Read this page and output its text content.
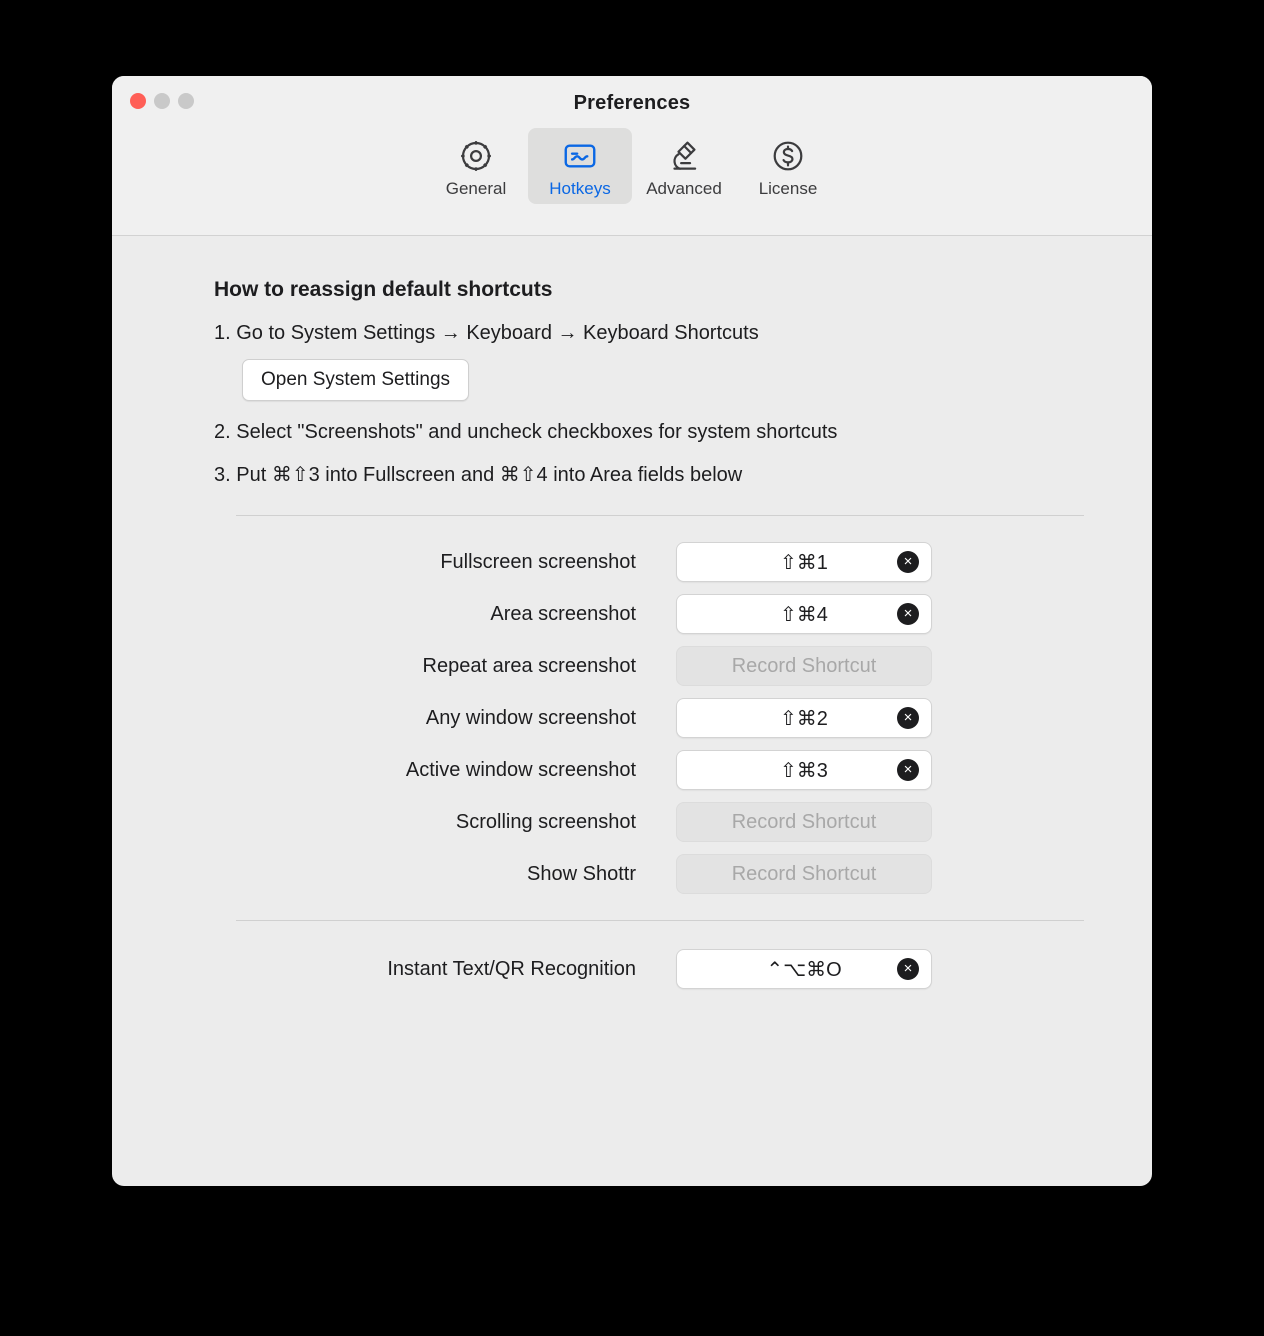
Preferences
General	Hotkeys Advanced License
How to reassign default shortcuts
1. Go to System Settings → Keyboard → Keyboard Shortcuts
Open System Settings
2. Select "Screenshots" and uncheck checkboxes for system shortcuts
3. Put ⌘⇧3 into Fullscreen and ⌘⇧4 into Area fields below
Fullscreen screenshot	⇧⌘1	×
Area screenshot	⇧⌘4	×
Repeat area screenshot	Record Shortcut
Any window screenshot	⇧⌘2	×
Active window screenshot	⇧⌘3	×
Scrolling screenshot	Record Shortcut
Show Shottr	Record Shortcut
Instant Text/QR Recognition	⌃⌥⌘O	×
